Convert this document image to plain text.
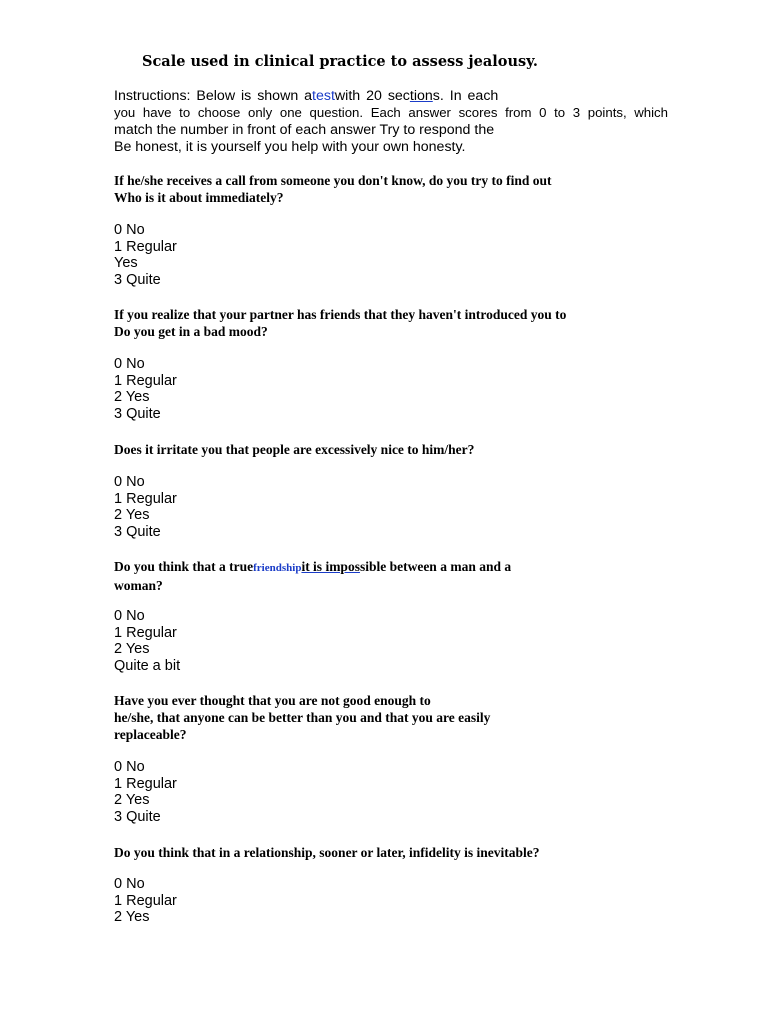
Scale used in clinical practice to assess jealousy.
Instructions: Below is shown atestwith 20 sections. In each
you have to choose only one question. Each answer scores from 0 to 3 points, which
match the number in front of each answer Try to respond the
Be honest, it is yourself you help with your own honesty.
If he/she receives a call from someone you don't know, do you try to find out
Who is it about immediately?
0 No
1 Regular
Yes
3 Quite
If you realize that your partner has friends that they haven't introduced you to
Do you get in a bad mood?
0 No
1 Regular
2 Yes
3 Quite
Does it irritate you that people are excessively nice to him/her?
0 No
1 Regular
2 Yes
3 Quite
Do you think that a truefriendshipit is impossible between a man and a
woman?
0 No
1 Regular
2 Yes
Quite a bit
Have you ever thought that you are not good enough to
he/she, that anyone can be better than you and that you are easily
replaceable?
0 No
1 Regular
2 Yes
3 Quite
Do you think that in a relationship, sooner or later, infidelity is inevitable?
0 No
1 Regular
2 Yes
